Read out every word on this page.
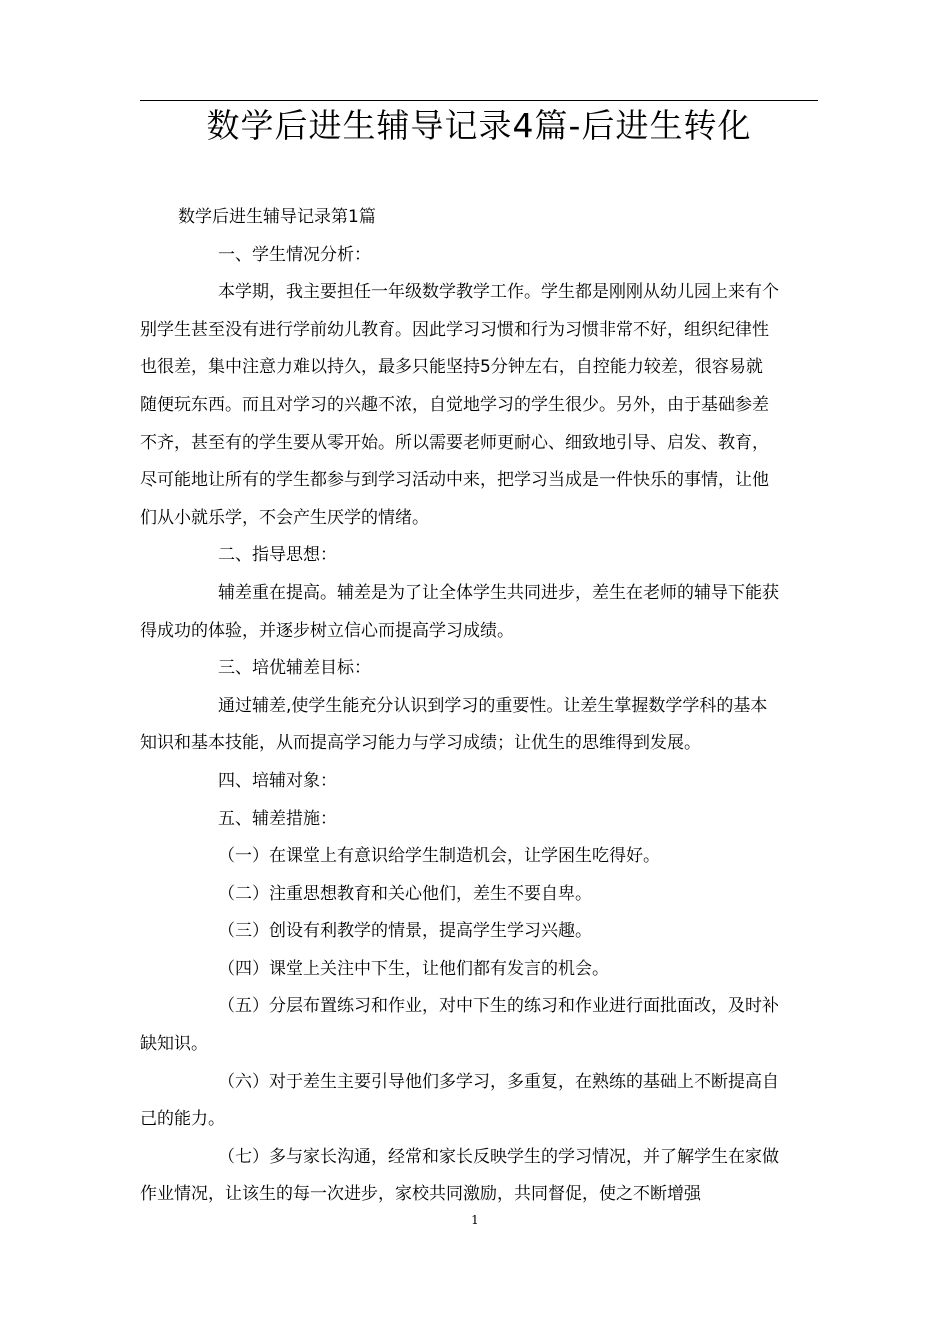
数学后进生辅导记录4篇-后进生转化

数学后进生辅导记录第1篇

一、学生情况分析：

本学期，我主要担任一年级数学教学工作。学生都是刚刚从幼儿园上来有个

别学生甚至没有进行学前幼儿教育。因此学习习惯和行为习惯非常不好，组织纪律性

也很差，集中注意力难以持久，最多只能坚持5分钟左右，自控能力较差，很容易就

随便玩东西。而且对学习的兴趣不浓，自觉地学习的学生很少。另外，由于基础参差

不齐，甚至有的学生要从零开始。所以需要老师更耐心、细致地引导、启发、教育，

尽可能地让所有的学生都参与到学习活动中来，把学习当成是一件快乐的事情，让他

们从小就乐学，不会产生厌学的情绪。

二、指导思想：

辅差重在提高。辅差是为了让全体学生共同进步，差生在老师的辅导下能获

得成功的体验，并逐步树立信心而提高学习成绩。

三、培优辅差目标：

通过辅差,使学生能充分认识到学习的重要性。让差生掌握数学学科的基本

知识和基本技能，从而提高学习能力与学习成绩；让优生的思维得到发展。

四、培辅对象：

五、辅差措施：

（一）在课堂上有意识给学生制造机会，让学困生吃得好。

（二）注重思想教育和关心他们，差生不要自卑。

（三）创设有利教学的情景，提高学生学习兴趣。

（四）课堂上关注中下生，让他们都有发言的机会。

（五）分层布置练习和作业，对中下生的练习和作业进行面批面改，及时补

缺知识。

（六）对于差生主要引导他们多学习，多重复，在熟练的基础上不断提高自

己的能力。

（七）多与家长沟通，经常和家长反映学生的学习情况，并了解学生在家做

作业情况，让该生的每一次进步，家校共同激励，共同督促，使之不断增强

1
